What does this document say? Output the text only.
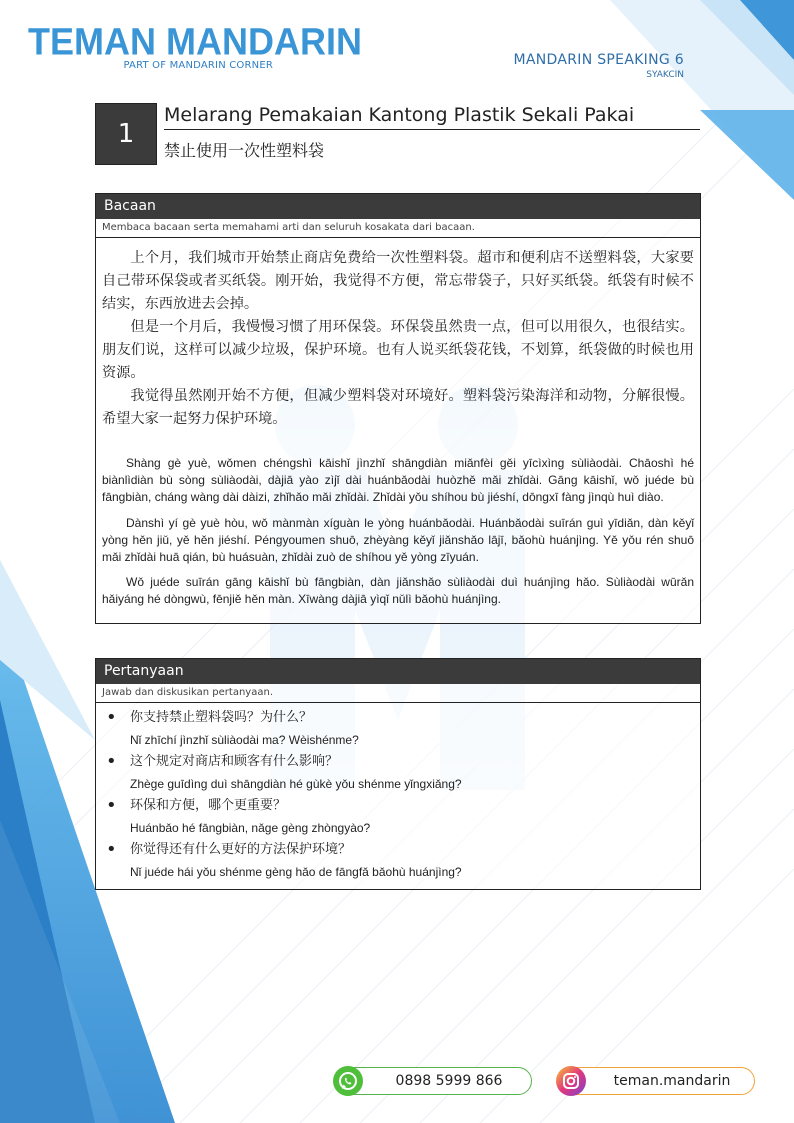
TEMAN MANDARIN
PART OF MANDARIN CORNER	MANDARIN SPEAKING 6
SYAKCIN
1
Melarang Pemakaian Kantong Plastik Sekali Pakai
禁止使用一次性塑料袋
Bacaan
Membaca bacaan serta memahami arti dan seluruh kosakata dari bacaan.

上个月，我们城市开始禁止商店免费给一次性塑料袋。超市和便利店不送塑料袋，大家要自己带环保袋或者买纸袋。刚开始，我觉得不方便，常忘带袋子，只好买纸袋。纸袋有时候不结实，东西放进去会掉。

但是一个月后，我慢慢习惯了用环保袋。环保袋虽然贵一点，但可以用很久，也很结实。朋友们说，这样可以减少垃圾，保护环境。也有人说买纸袋花钱，不划算，纸袋做的时候也用资源。

我觉得虽然刚开始不方便，但减少塑料袋对环境好。塑料袋污染海洋和动物，分解很慢。希望大家一起努力保护环境。

Shàng gè yuè, wǒmen chéngshì kāishǐ jìnzhǐ shāngdiàn miǎnfèi gěi yīcìxìng sùliàodài. Chāoshì hé biànlìdiàn bù sòng sùliàodài, dàjiā yào zìjǐ dài huánbǎodài huòzhě mǎi zhǐdài. Gāng kāishǐ, wǒ juéde bù fāngbiàn, cháng wàng dài dàizi, zhǐhǎo mǎi zhǐdài. Zhǐdài yǒu shíhou bù jiéshí, dōngxī fàng jìnqù huì diào.

Dànshì yí gè yuè hòu, wǒ mànmàn xíguàn le yòng huánbǎodài. Huánbǎodài suīrán guì yīdiǎn, dàn kěyǐ yòng hěn jiǔ, yě hěn jiéshí. Péngyoumen shuō, zhèyàng kěyǐ jiǎnshǎo lājī, bǎohù huánjìng. Yě yǒu rén shuō mǎi zhǐdài huā qián, bù huásuàn, zhǐdài zuò de shíhou yě yòng zīyuán.

Wǒ juéde suīrán gāng kāishǐ bù fāngbiàn, dàn jiǎnshǎo sùliàodài duì huánjìng hǎo. Sùliàodài wūrǎn hǎiyáng hé dòngwù, fēnjiě hěn màn. Xīwàng dàjiā yìqǐ nǔlì bǎohù huánjìng.

Pertanyaan
Jawab dan diskusikan pertanyaan.
• 你支持禁止塑料袋吗？为什么？
Nǐ zhīchí jìnzhǐ sùliàodài ma? Wèishénme?
• 这个规定对商店和顾客有什么影响？
Zhège guīdìng duì shāngdiàn hé gùkè yǒu shénme yǐngxiǎng?
• 环保和方便，哪个更重要？
Huánbǎo hé fāngbiàn, nǎge gèng zhòngyào?
• 你觉得还有什么更好的方法保护环境？
Nǐ juéde hái yǒu shénme gèng hǎo de fāngfǎ bǎohù huánjìng?
0898 5999 866	teman.mandarin
